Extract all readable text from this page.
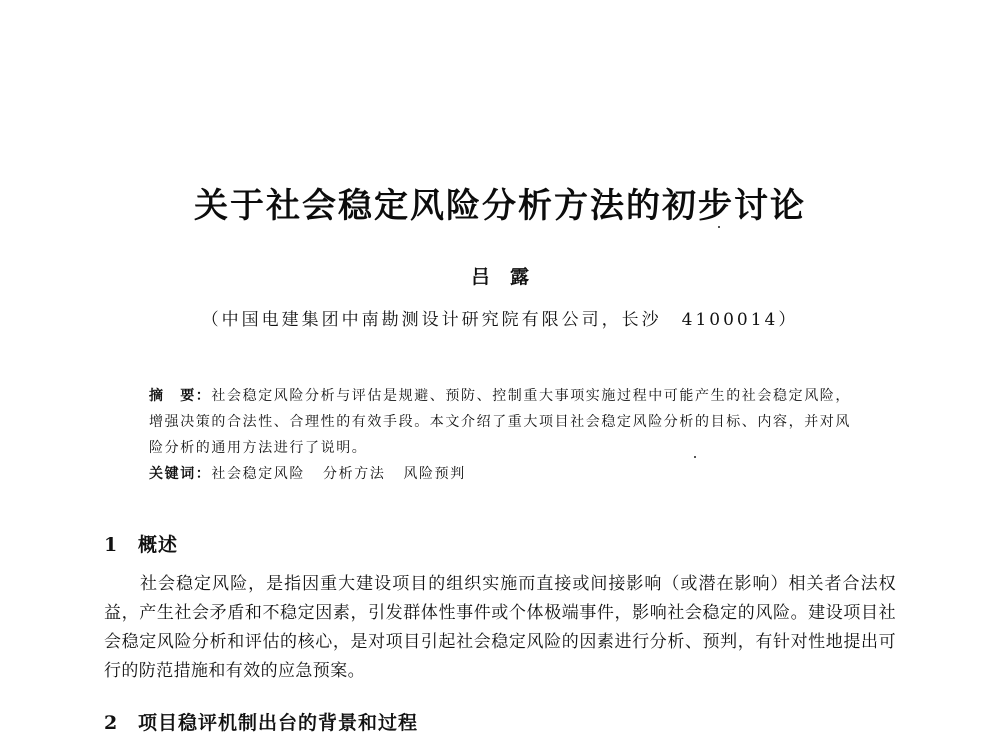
关于社会稳定风险分析方法的初步讨论
吕露
（中国电建集团中南勘测设计研究院有限公司，长沙　4100014）
摘　要：社会稳定风险分析与评估是规避、预防、控制重大事项实施过程中可能产生的社会稳定风险，增强决策的合法性、合理性的有效手段。本文介绍了重大项目社会稳定风险分析的目标、内容，并对风险分析的通用方法进行了说明。
关键词：社会稳定风险 分析方法 风险预判
1 概述
社会稳定风险，是指因重大建设项目的组织实施而直接或间接影响（或潜在影响）相关者合法权益，产生社会矛盾和不稳定因素，引发群体性事件或个体极端事件，影响社会稳定的风险。建设项目社会稳定风险分析和评估的核心，是对项目引起社会稳定风险的因素进行分析、预判，有针对性地提出可行的防范措施和有效的应急预案。
2 项目稳评机制出台的背景和过程
